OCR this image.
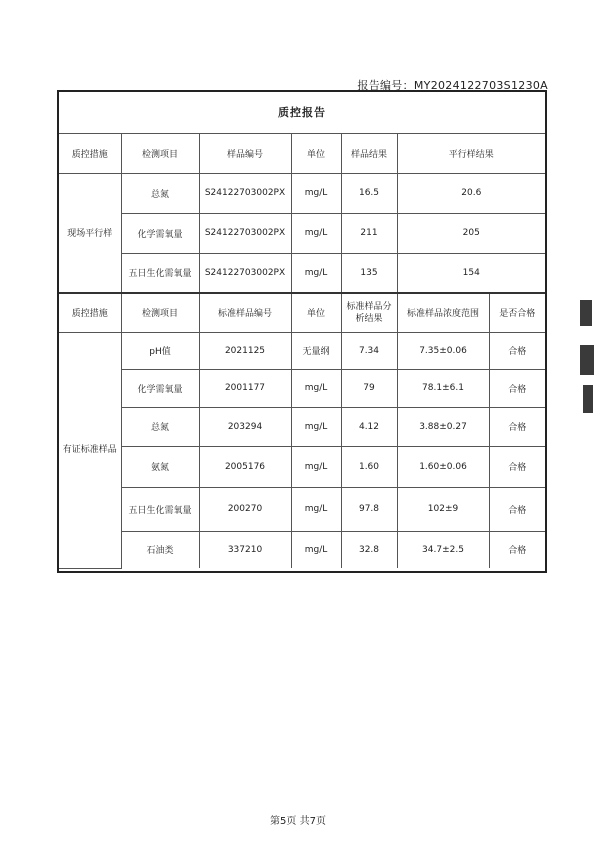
报告编号：MY2024122703S1230A
质控报告						
质控措施	检测项目	样品编号	单位	样品结果	平行样结果	
现场平行样	总氮	S24122703002PX	mg/L	16.5	20.6	
	化学需氧量	S24122703002PX	mg/L	211	205	
	五日生化需氧量	S24122703002PX	mg/L	135	154	
质控措施	检测项目	标准样品编号	单位	标准样品分析结果	标准样品浓度范围	是否合格
有证标准样品	pH值	2021125	无量纲	7.34	7.35±0.06	合格
	化学需氧量	2001177	mg/L	79	78.1±6.1	合格
	总氮	203294	mg/L	4.12	3.88±0.27	合格
	氨氮	2005176	mg/L	1.60	1.60±0.06	合格
	五日生化需氧量	200270	mg/L	97.8	102±9	合格
	石油类	337210	mg/L	32.8	34.7±2.5	合格
第5页 共7页
